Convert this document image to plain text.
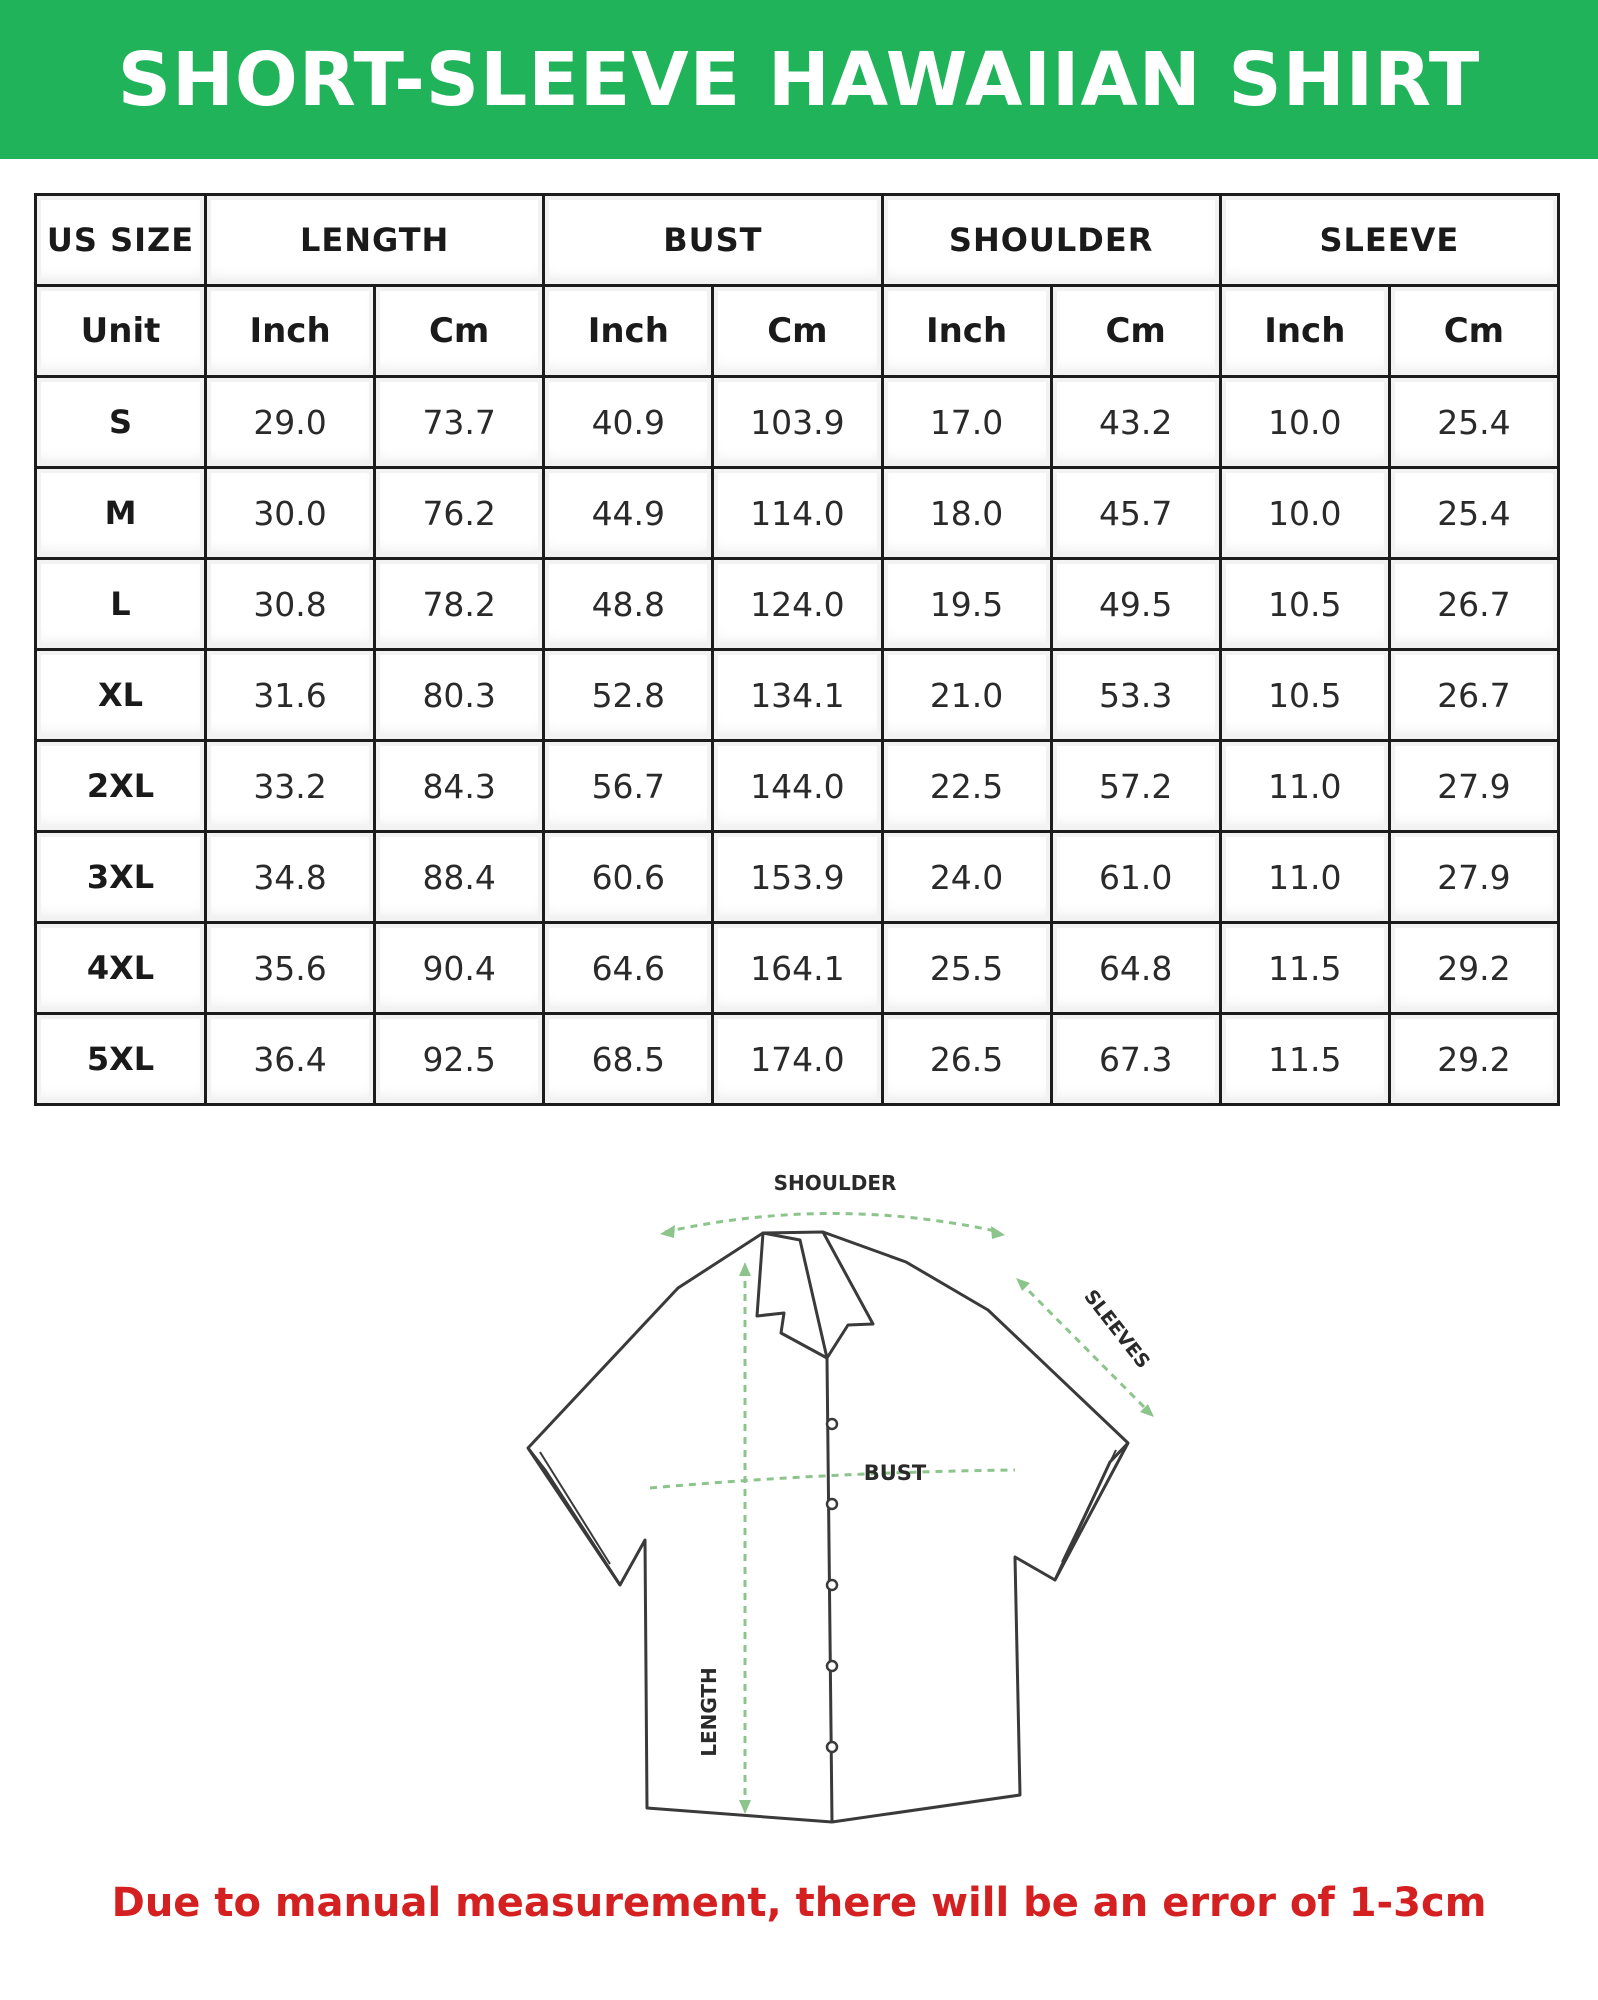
SHORT-SLEEVE HAWAIIAN SHIRT
US SIZE	LENGTH		BUST		SHOULDER		SLEEVE	
Unit	Inch	Cm	Inch	Cm	Inch	Cm	Inch	Cm
S	29.0	73.7	40.9	103.9	17.0	43.2	10.0	25.4
M	30.0	76.2	44.9	114.0	18.0	45.7	10.0	25.4
L	30.8	78.2	48.8	124.0	19.5	49.5	10.5	26.7
XL	31.6	80.3	52.8	134.1	21.0	53.3	10.5	26.7
2XL	33.2	84.3	56.7	144.0	22.5	57.2	11.0	27.9
3XL	34.8	88.4	60.6	153.9	24.0	61.0	11.0	27.9
4XL	35.6	90.4	64.6	164.1	25.5	64.8	11.5	29.2
5XL	36.4	92.5	68.5	174.0	26.5	67.3	11.5	29.2
SHOULDER
SLEEVES
BUST
LENGTH
Due to manual measurement, there will be an error of 1-3cm
